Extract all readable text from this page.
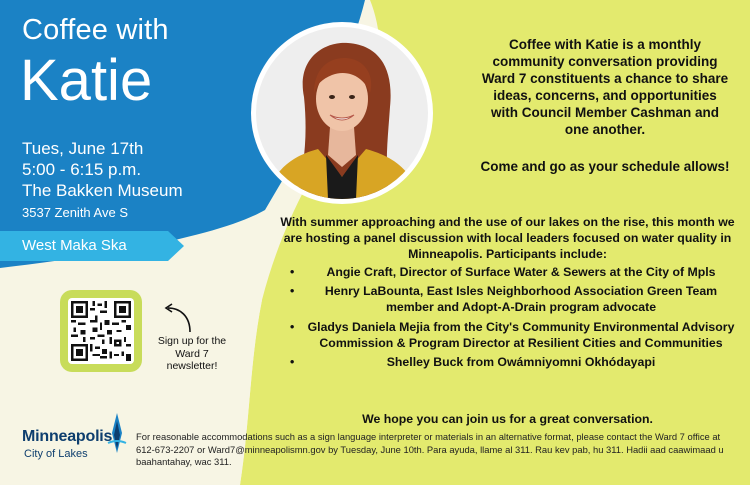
Coffee with
Katie
Tues, June 17th
5:00 - 6:15 p.m.
The Bakken Museum
3537 Zenith Ave S
West Maka Ska
Coffee with Katie is a monthly community conversation providing Ward 7 constituents a chance to share ideas, concerns, and opportunities with Council Member Cashman and one another.
Come and go as your schedule allows!
With summer approaching and the use of our lakes on the rise, this month we are hosting a panel discussion with local leaders focused on water quality in Minneapolis. Participants include:
• Angie Craft, Director of Surface Water & Sewers at the City of Mpls
• Henry LaBounta, East Isles Neighborhood Association Green Team member and Adopt-A-Drain program advocate
• Gladys Daniela Mejia from the City's Community Environmental Advisory Commission & Program Director at Resilient Cities and Communities
• Shelley Buck from Owámniyomni Okhódayapi
We hope you can join us for a great conversation.
Sign up for the Ward 7 newsletter!
Minneapolis
City of Lakes
For reasonable accommodations such as a sign language interpreter or materials in an alternative format, please contact the Ward 7 office at 612-673-2207 or Ward7@minneapolismn.gov by Tuesday, June 10th. Para ayuda, llame al 311. Rau kev pab, hu 311. Hadii aad caawimaad u baahantahay, wac 311.
